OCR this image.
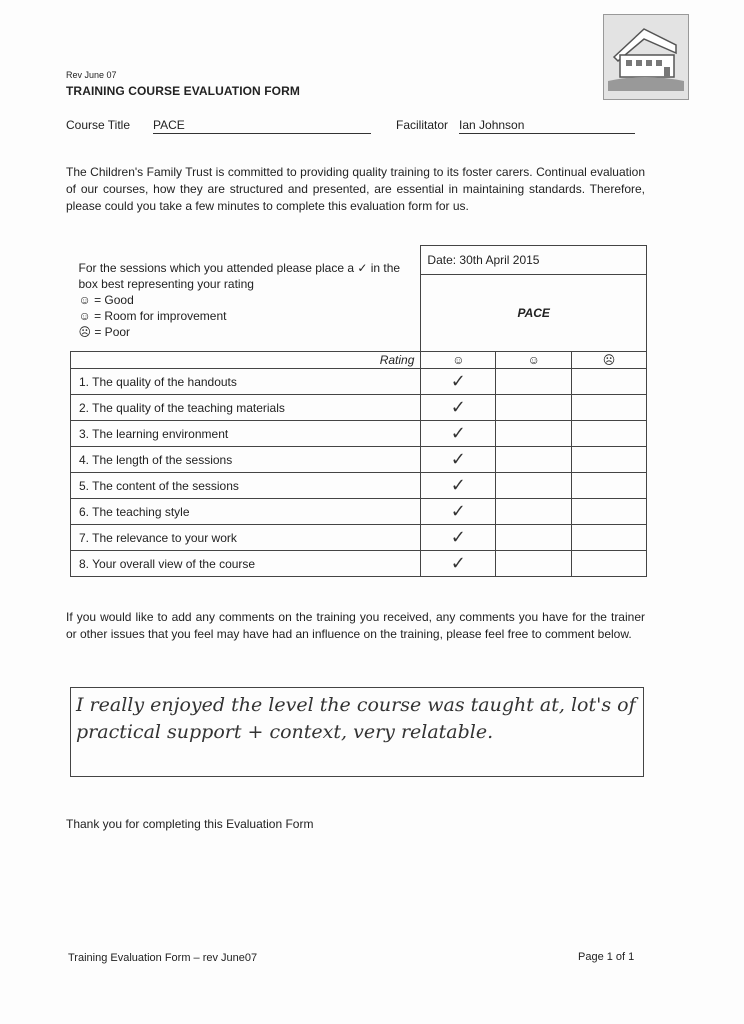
Rev June 07
TRAINING COURSE EVALUATION FORM
Course Title PACE	Facilitator Ian Johnson
The Children's Family Trust is committed to providing quality training to its foster carers. Continual evaluation of our courses, how they are structured and presented, are essential in maintaining standards. Therefore, please could you take a few minutes to complete this evaluation form for us.
For the sessions which you attended please place a ✓ in the box best representing your rating
☺ = Good
☺ = Room for improvement
☹ = Poor	Date: 30th April 2015		
	PACE		
Rating	☺	☺	☹
1. The quality of the handouts	✓		
2. The quality of the teaching materials	✓		
3. The learning environment	✓		
4. The length of the sessions	✓		
5. The content of the sessions	✓		
6. The teaching style	✓		
7. The relevance to your work	✓		
8. Your overall view of the course	✓		
If you would like to add any comments on the training you received, any comments you have for the trainer or other issues that you feel may have had an influence on the training, please feel free to comment below.
I really enjoyed the level the course was taught at, lot's of practical support + context, very relatable.
Thank you for completing this Evaluation Form
Training Evaluation Form – rev June07	Page 1 of 1
